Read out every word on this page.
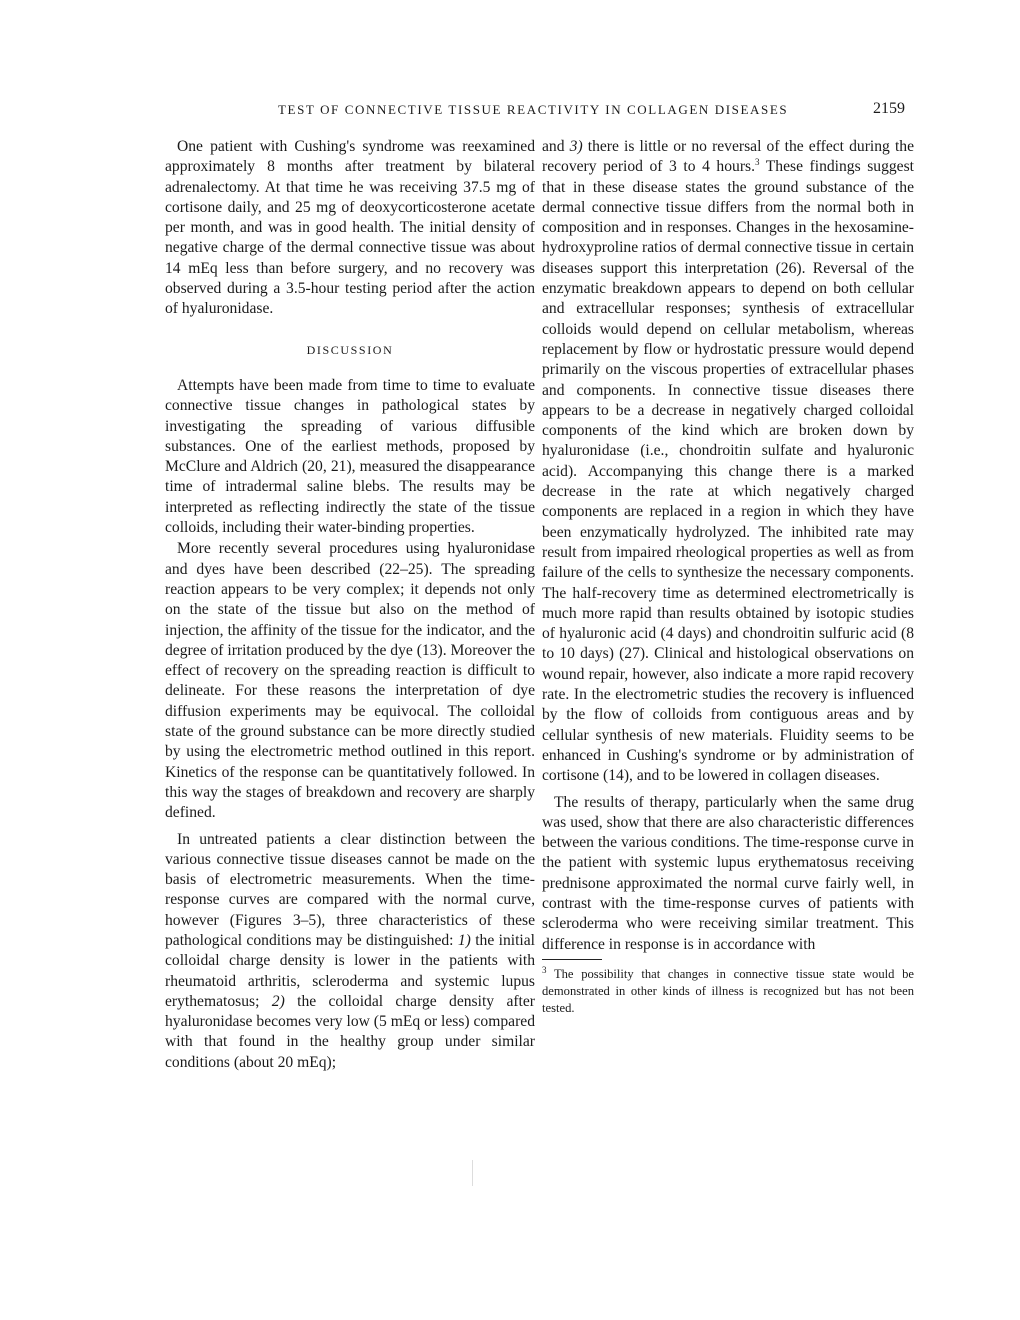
TEST OF CONNECTIVE TISSUE REACTIVITY IN COLLAGEN DISEASES	2159

One patient with Cushing's syndrome was reexamined approximately 8 months after treatment by bilateral adrenalectomy. At that time he was receiving 37.5 mg of cortisone daily, and 25 mg of deoxycorticosterone acetate per month, and was in good health. The initial density of negative charge of the dermal connective tissue was about 14 mEq less than before surgery, and no recovery was observed during a 3.5-hour testing period after the action of hyaluronidase.

DISCUSSION

Attempts have been made from time to time to evaluate connective tissue changes in pathological states by investigating the spreading of various diffusible substances. One of the earliest methods, proposed by McClure and Aldrich (20, 21), measured the disappearance time of intradermal saline blebs. The results may be interpreted as reflecting indirectly the state of the tissue colloids, including their water-binding properties.

More recently several procedures using hyaluronidase and dyes have been described (22–25). The spreading reaction appears to be very complex; it depends not only on the state of the tissue but also on the method of injection, the affinity of the tissue for the indicator, and the degree of irritation produced by the dye (13). Moreover the effect of recovery on the spreading reaction is difficult to delineate. For these reasons the interpretation of dye diffusion experiments may be equivocal. The colloidal state of the ground substance can be more directly studied by using the electrometric method outlined in this report. Kinetics of the response can be quantitatively followed. In this way the stages of breakdown and recovery are sharply defined.

In untreated patients a clear distinction between the various connective tissue diseases cannot be made on the basis of electrometric measurements. When the time-response curves are compared with the normal curve, however (Figures 3–5), three characteristics of these pathological conditions may be distinguished: 1) the initial colloidal charge density is lower in the patients with rheumatoid arthritis, scleroderma and systemic lupus erythematosus; 2) the colloidal charge density after hyaluronidase becomes very low (5 mEq or less) compared with that found in the healthy group under similar conditions (about 20 mEq);

and 3) there is little or no reversal of the effect during the recovery period of 3 to 4 hours.$^3$ These findings suggest that in these disease states the ground substance of the dermal connective tissue differs from the normal both in composition and in responses. Changes in the hexosamine-hydroxyproline ratios of dermal connective tissue in certain diseases support this interpretation (26). Reversal of the enzymatic breakdown appears to depend on both cellular and extracellular responses; synthesis of extracellular colloids would depend on cellular metabolism, whereas replacement by flow or hydrostatic pressure would depend primarily on the viscous properties of extracellular phases and components. In connective tissue diseases there appears to be a decrease in negatively charged colloidal components of the kind which are broken down by hyaluronidase (i.e., chondroitin sulfate and hyaluronic acid). Accompanying this change there is a marked decrease in the rate at which negatively charged components are replaced in a region in which they have been enzymatically hydrolyzed. The inhibited rate may result from impaired rheological properties as well as from failure of the cells to synthesize the necessary components. The half-recovery time as determined electrometrically is much more rapid than results obtained by isotopic studies of hyaluronic acid (4 days) and chondroitin sulfuric acid (8 to 10 days) (27). Clinical and histological observations on wound repair, however, also indicate a more rapid recovery rate. In the electrometric studies the recovery is influenced by the flow of colloids from contiguous areas and by cellular synthesis of new materials. Fluidity seems to be enhanced in Cushing's syndrome or by administration of cortisone (14), and to be lowered in collagen diseases.

The results of therapy, particularly when the same drug was used, show that there are also characteristic differences between the various conditions. The time-response curve in the patient with systemic lupus erythematosus receiving prednisone approximated the normal curve fairly well, in contrast with the time-response curves of patients with scleroderma who were receiving similar treatment. This difference in response is in accordance with

$^3$ The possibility that changes in connective tissue state would be demonstrated in other kinds of illness is recognized but has not been tested.
